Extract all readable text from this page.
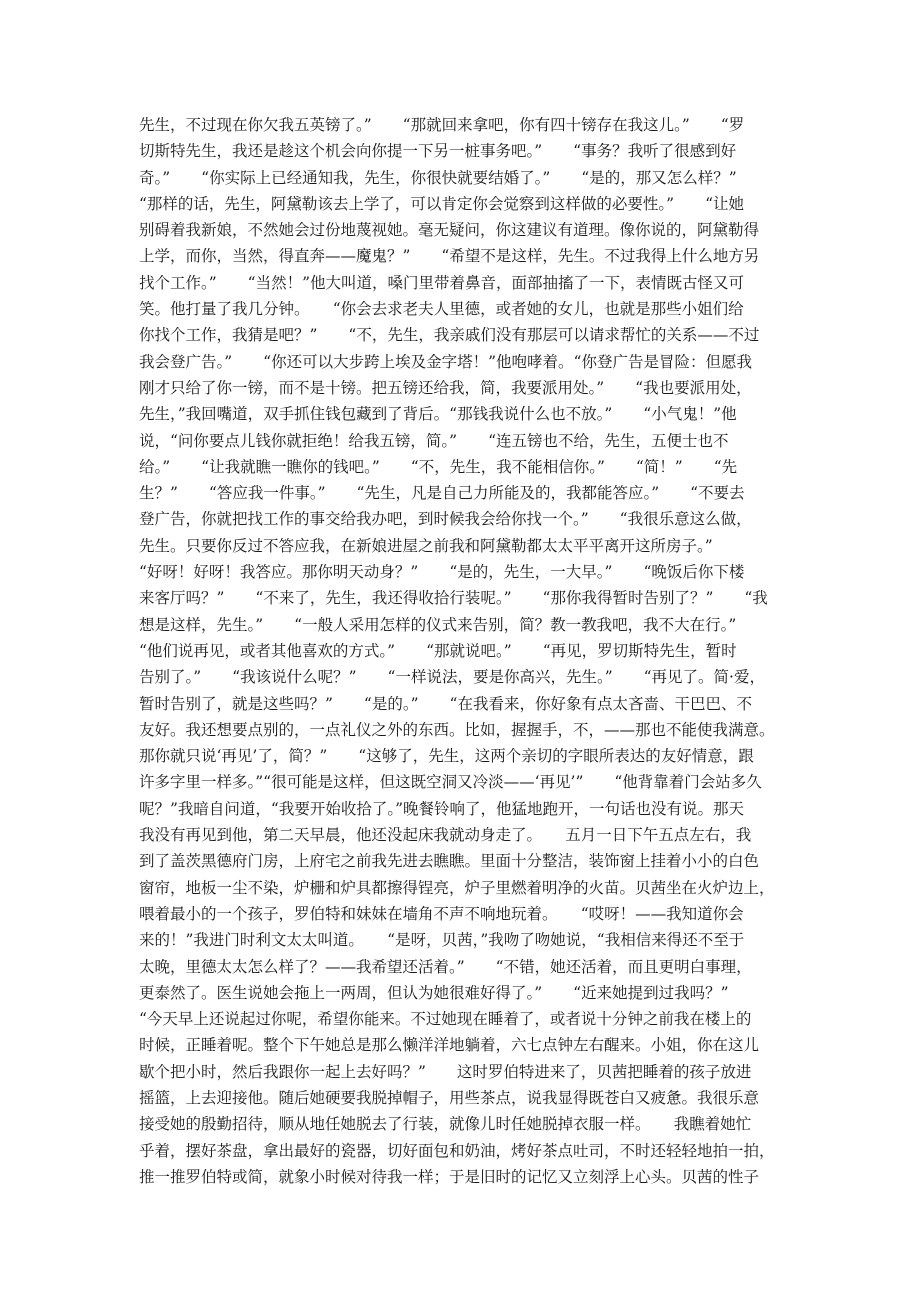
先生，不过现在你欠我五英镑了。”　　“那就回来拿吧，你有四十镑存在我这儿。”　　“罗
切斯特先生，我还是趁这个机会向你提一下另一桩事务吧。”　　“事务？我听了很感到好
奇。”　　“你实际上已经通知我，先生，你很快就要结婚了。”　　“是的，那又怎么样？”
“那样的话，先生，阿黛勒该去上学了，可以肯定你会觉察到这样做的必要性。”　　“让她
别碍着我新娘，不然她会过份地蔑视她。毫无疑问，你这建议有道理。像你说的，阿黛勒得
上学，而你，当然，得直奔——魔鬼？”　　“希望不是这样，先生。不过我得上什么地方另
找个工作。”　　“当然！”他大叫道，嗓门里带着鼻音，面部抽搐了一下，表情既古怪又可
笑。他打量了我几分钟。　　“你会去求老夫人里德，或者她的女儿，也就是那些小姐们给
你找个工作，我猜是吧？”　　“不，先生，我亲戚们没有那层可以请求帮忙的关系——不过
我会登广告。”　　“你还可以大步跨上埃及金字塔！”他咆哮着。“你登广告是冒险：但愿我
刚才只给了你一镑，而不是十镑。把五镑还给我，简，我要派用处。”　　“我也要派用处，
先生，”我回嘴道，双手抓住钱包藏到了背后。“那钱我说什么也不放。”　　“小气鬼！”他
说，“问你要点儿钱你就拒绝！给我五镑，简。”　　“连五镑也不给，先生，五便士也不
给。”　　“让我就瞧一瞧你的钱吧。”　　“不，先生，我不能相信你。”　　“简！”　　“先
生？”　　“答应我一件事。”　　“先生，凡是自己力所能及的，我都能答应。”　　“不要去
登广告，你就把找工作的事交给我办吧，到时候我会给你找一个。”　　“我很乐意这么做，
先生。只要你反过不答应我，在新娘进屋之前我和阿黛勒都太太平平离开这所房子。”
“好呀！好呀！我答应。那你明天动身？”　　“是的，先生，一大早。”　　“晚饭后你下楼
来客厅吗？”　　“不来了，先生，我还得收拾行装呢。”　　“那你我得暂时告别了？”　　“我
想是这样，先生。”　　“一般人采用怎样的仪式来告别，简？教一教我吧，我不大在行。”
“他们说再见，或者其他喜欢的方式。”　　“那就说吧。”　　“再见，罗切斯特先生，暂时
告别了。”　　“我该说什么呢？”　　“一样说法，要是你高兴，先生。”　　“再见了。简·爱，
暂时告别了，就是这些吗？”　　“是的。”　　“在我看来，你好象有点太吝啬、干巴巴、不
友好。我还想要点别的，一点礼仪之外的东西。比如，握握手，不，——那也不能使我满意。
那你就只说‘再见’了，简？”　　“这够了，先生，这两个亲切的字眼所表达的友好情意，跟
许多字里一样多。”“很可能是这样，但这既空洞又冷淡——‘再见’”　　“他背靠着门会站多久
呢？”我暗自问道，“我要开始收拾了。”晚餐铃响了，他猛地跑开，一句话也没有说。那天
我没有再见到他，第二天早晨，他还没起床我就动身走了。　　五月一日下午五点左右，我
到了盖茨黑德府门房，上府宅之前我先进去瞧瞧。里面十分整洁，装饰窗上挂着小小的白色
窗帘，地板一尘不染，炉栅和炉具都擦得锃亮，炉子里燃着明净的火苗。贝茜坐在火炉边上，
喂着最小的一个孩子，罗伯特和妹妹在墙角不声不响地玩着。　　“哎呀！——我知道你会
来的！”我进门时利文太太叫道。　　“是呀，贝茜，”我吻了吻她说，“我相信来得还不至于
太晚，里德太太怎么样了？——我希望还活着。”　　“不错，她还活着，而且更明白事理，
更泰然了。医生说她会拖上一两周，但认为她很难好得了。”　　“近来她提到过我吗？”
“今天早上还说起过你呢，希望你能来。不过她现在睡着了，或者说十分钟之前我在楼上的
时候，正睡着呢。整个下午她总是那么懒洋洋地躺着，六七点钟左右醒来。小姐，你在这儿
歇个把小时，然后我跟你一起上去好吗？”　　这时罗伯特进来了，贝茜把睡着的孩子放进
摇篮，上去迎接他。随后她硬要我脱掉帽子，用些茶点，说我显得既苍白又疲惫。我很乐意
接受她的殷勤招待，顺从地任她脱去了行装，就像儿时任她脱掉衣服一样。　　我瞧着她忙
乎着，摆好茶盘，拿出最好的瓷器，切好面包和奶油，烤好茶点吐司，不时还轻轻地拍一拍，
推一推罗伯特或简，就象小时候对待我一样；于是旧时的记忆又立刻浮上心头。贝茜的性子
